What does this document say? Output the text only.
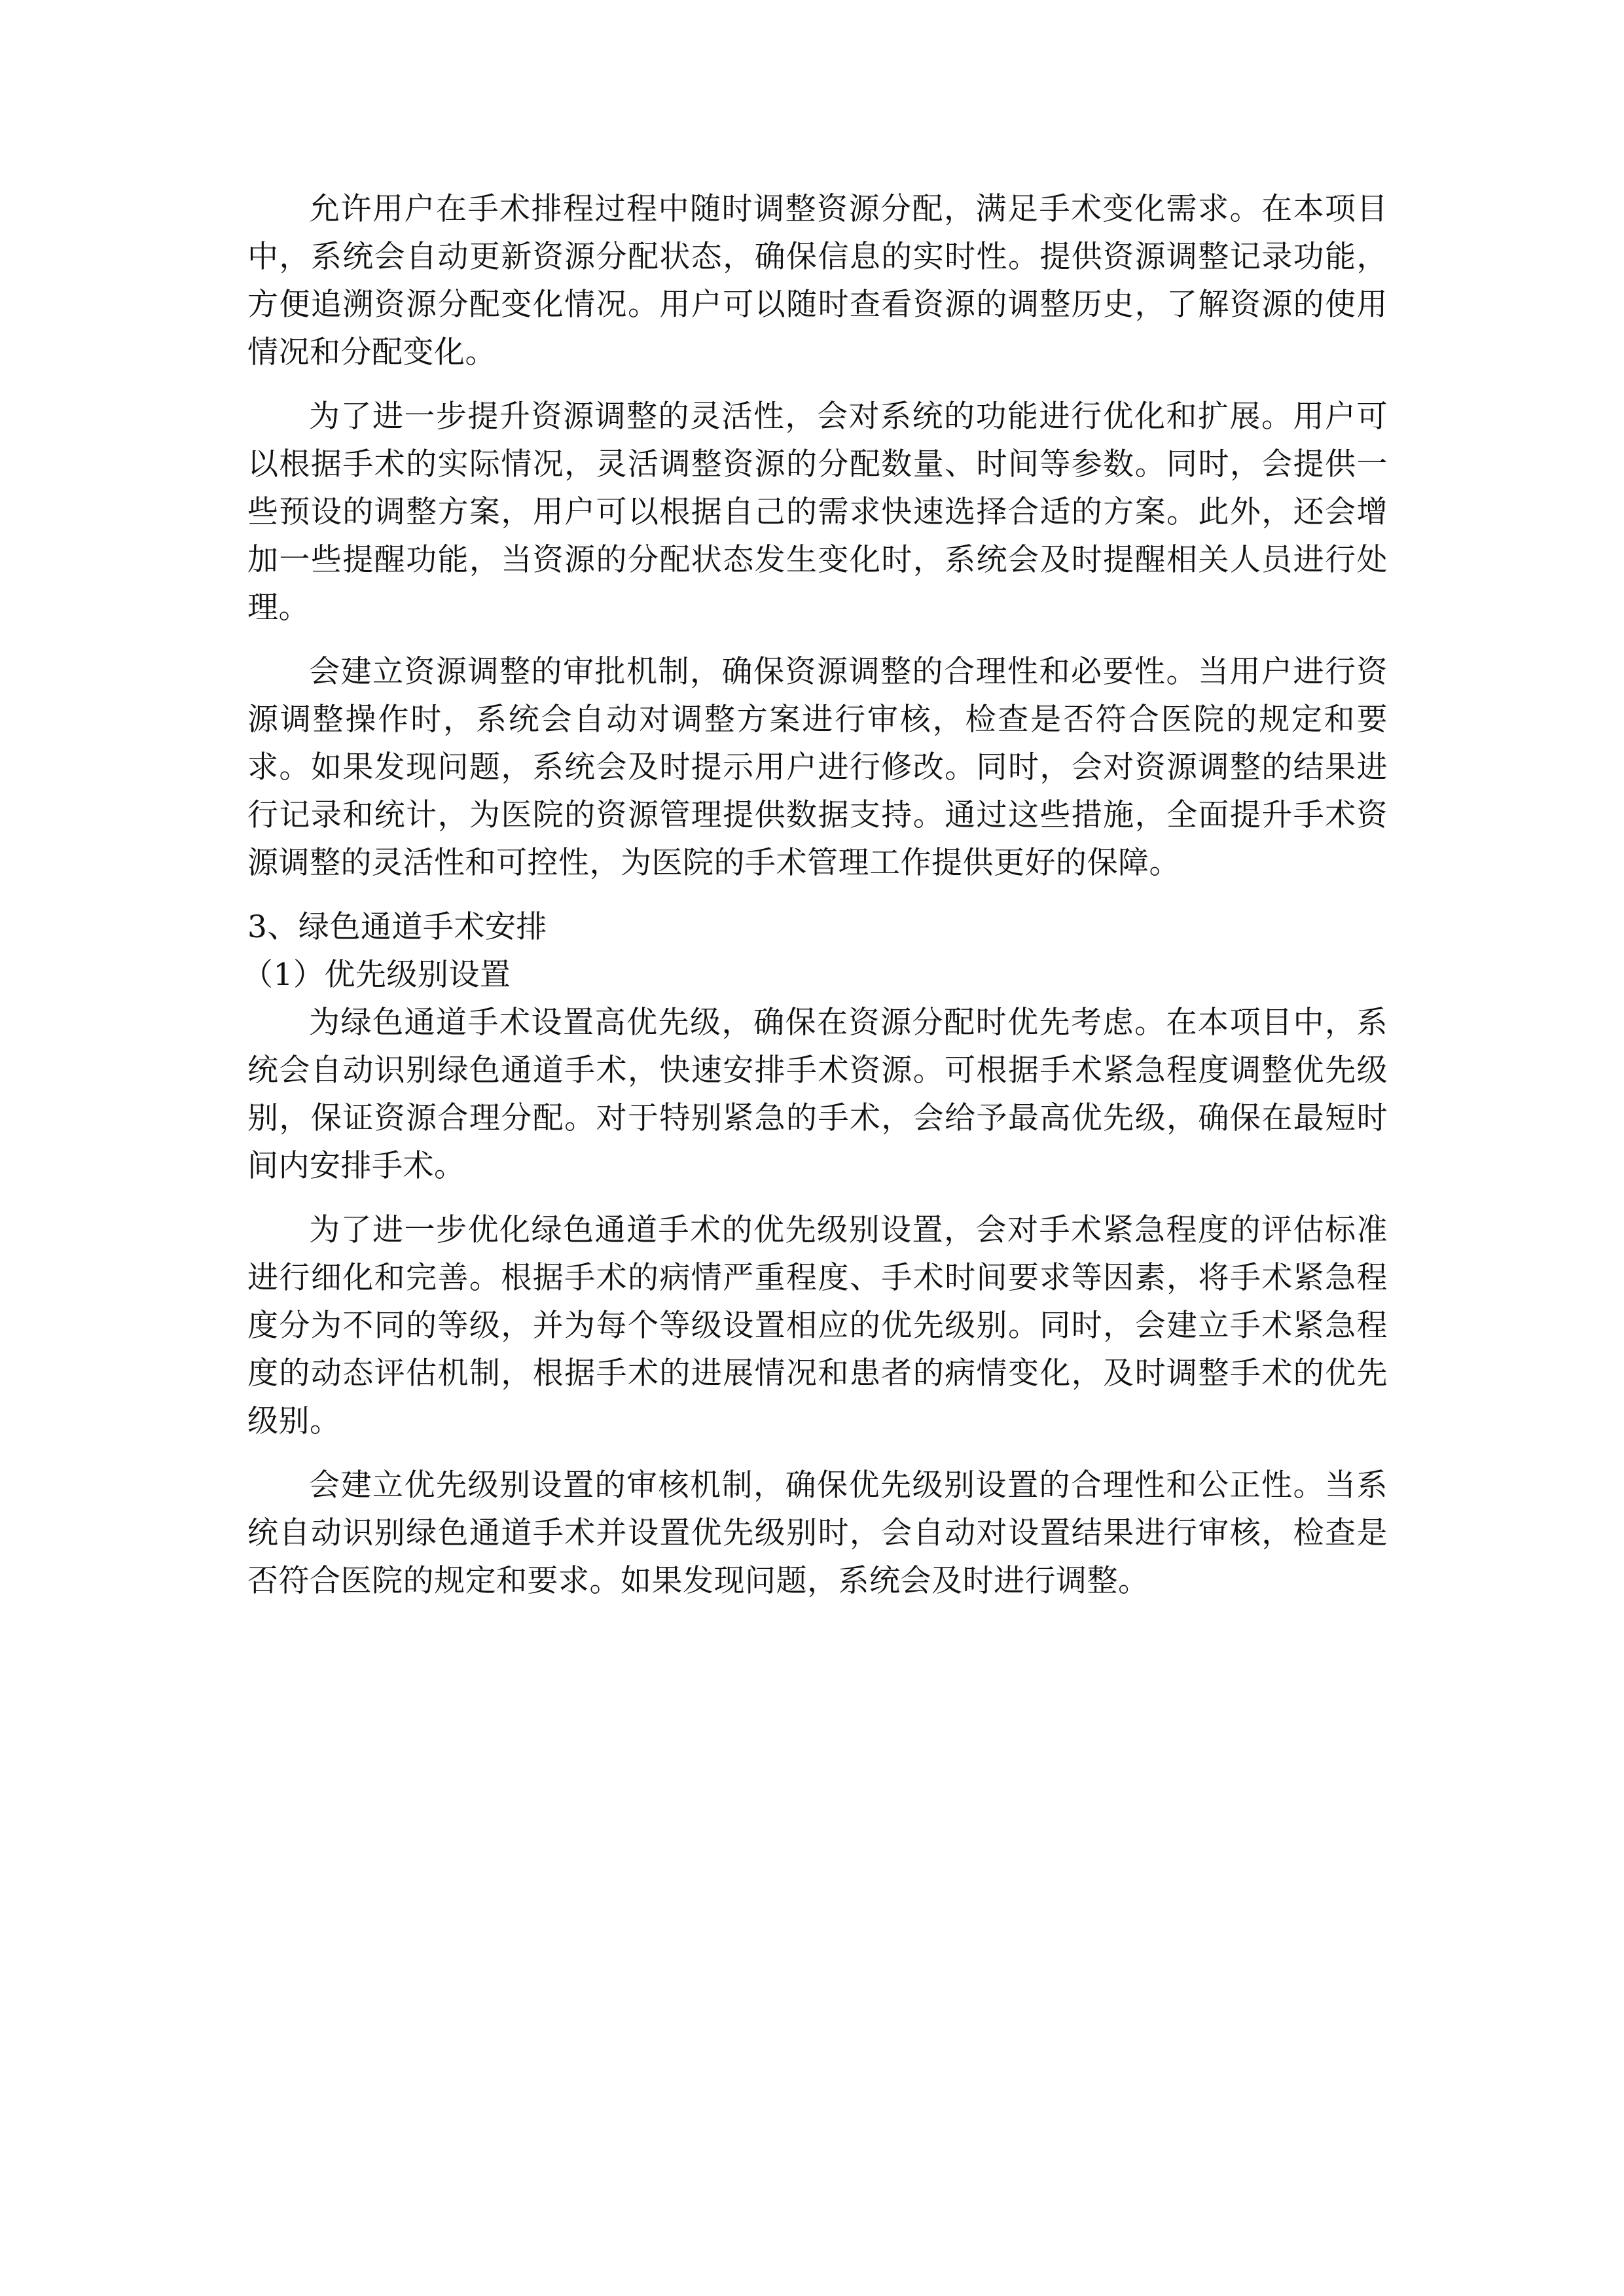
允许用户在手术排程过程中随时调整资源分配，满足手术变化需求。在本项目中，系统会自动更新资源分配状态，确保信息的实时性。提供资源调整记录功能，方便追溯资源分配变化情况。用户可以随时查看资源的调整历史，了解资源的使用情况和分配变化。

为了进一步提升资源调整的灵活性，会对系统的功能进行优化和扩展。用户可以根据手术的实际情况，灵活调整资源的分配数量、时间等参数。同时，会提供一些预设的调整方案，用户可以根据自己的需求快速选择合适的方案。此外，还会增加一些提醒功能，当资源的分配状态发生变化时，系统会及时提醒相关人员进行处理。

会建立资源调整的审批机制，确保资源调整的合理性和必要性。当用户进行资源调整操作时，系统会自动对调整方案进行审核，检查是否符合医院的规定和要求。如果发现问题，系统会及时提示用户进行修改。同时，会对资源调整的结果进行记录和统计，为医院的资源管理提供数据支持。通过这些措施，全面提升手术资源调整的灵活性和可控性，为医院的手术管理工作提供更好的保障。

3、绿色通道手术安排

（1）优先级别设置

为绿色通道手术设置高优先级，确保在资源分配时优先考虑。在本项目中，系统会自动识别绿色通道手术，快速安排手术资源。可根据手术紧急程度调整优先级别，保证资源合理分配。对于特别紧急的手术，会给予最高优先级，确保在最短时间内安排手术。

为了进一步优化绿色通道手术的优先级别设置，会对手术紧急程度的评估标准进行细化和完善。根据手术的病情严重程度、手术时间要求等因素，将手术紧急程度分为不同的等级，并为每个等级设置相应的优先级别。同时，会建立手术紧急程度的动态评估机制，根据手术的进展情况和患者的病情变化，及时调整手术的优先级别。

会建立优先级别设置的审核机制，确保优先级别设置的合理性和公正性。当系统自动识别绿色通道手术并设置优先级别时，会自动对设置结果进行审核，检查是否符合医院的规定和要求。如果发现问题，系统会及时进行调整。
